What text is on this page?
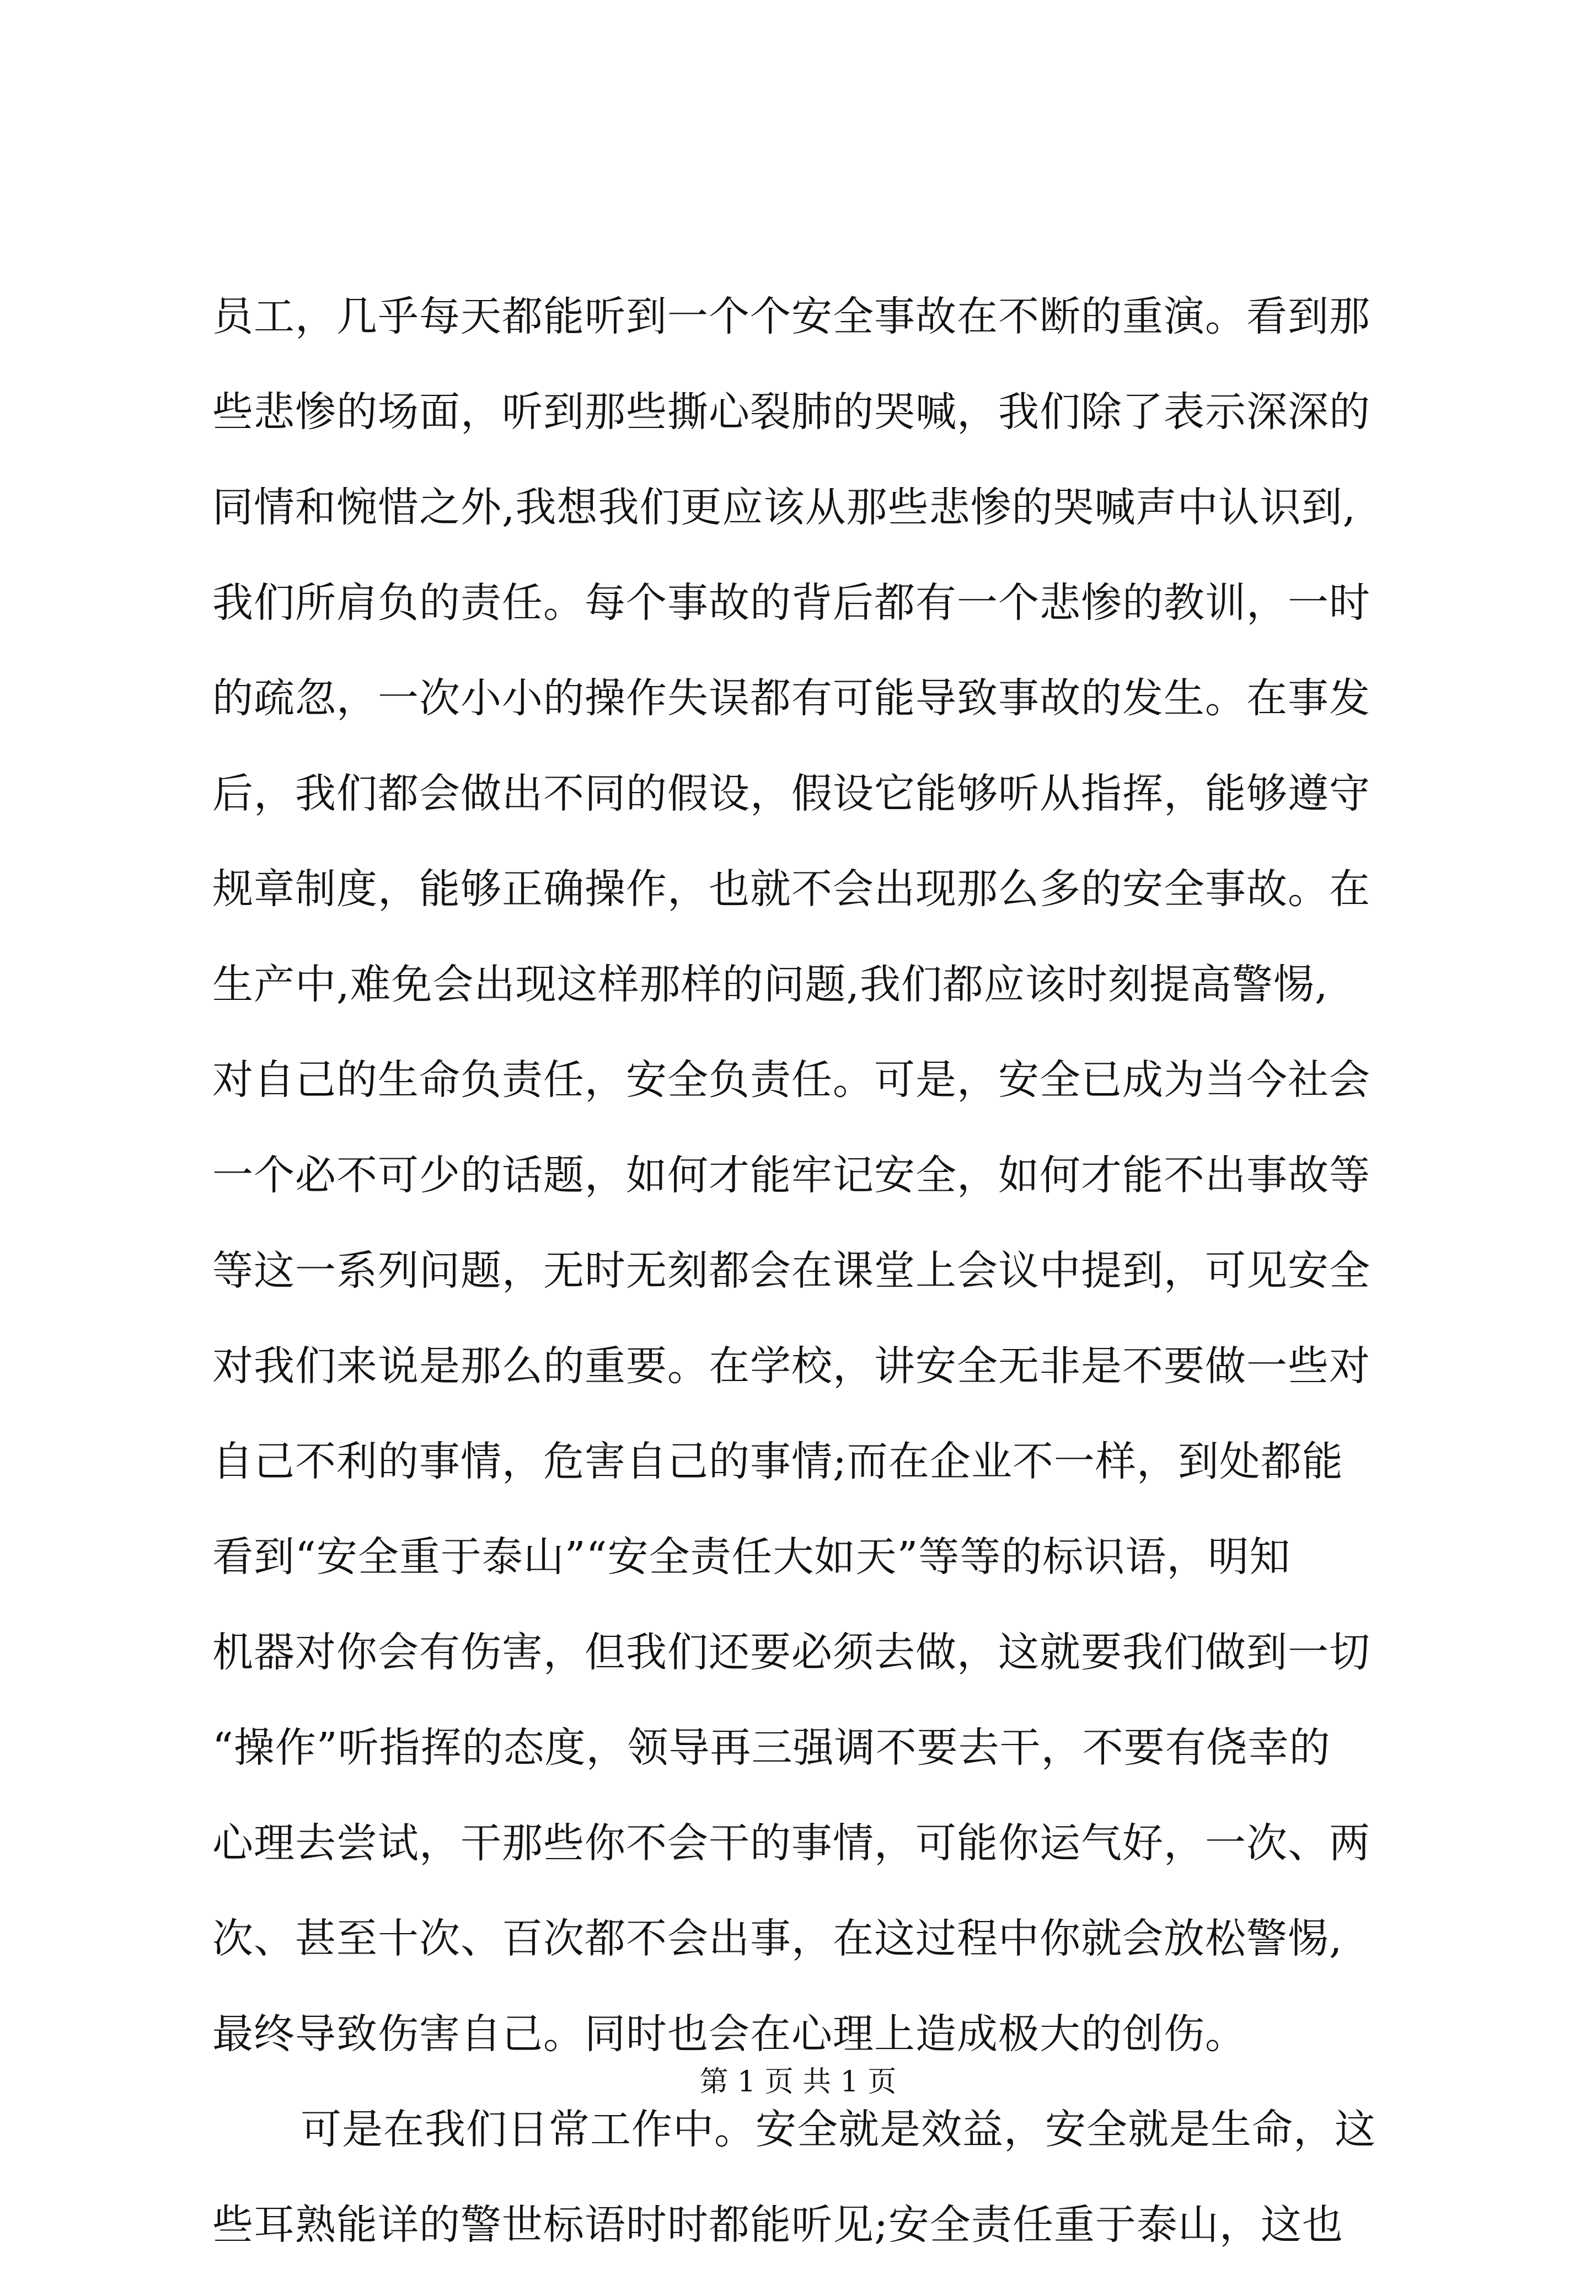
员工，几乎每天都能听到一个个安全事故在不断的重演。看到那
些悲惨的场面，听到那些撕心裂肺的哭喊，我们除了表示深深的
同情和惋惜之外,我想我们更应该从那些悲惨的哭喊声中认识到,
我们所肩负的责任。每个事故的背后都有一个悲惨的教训，一时
的疏忽，一次小小的操作失误都有可能导致事故的发生。在事发
后，我们都会做出不同的假设，假设它能够听从指挥，能够遵守
规章制度，能够正确操作，也就不会出现那么多的安全事故。在
生产中,难免会出现这样那样的问题,我们都应该时刻提高警惕,
对自己的生命负责任，安全负责任。可是，安全已成为当今社会
一个必不可少的话题，如何才能牢记安全，如何才能不出事故等
等这一系列问题，无时无刻都会在课堂上会议中提到，可见安全
对我们来说是那么的重要。在学校，讲安全无非是不要做一些对
自己不利的事情，危害自己的事情;而在企业不一样，到处都能
看到“安全重于泰山”“安全责任大如天”等等的标识语，明知
机器对你会有伤害，但我们还要必须去做，这就要我们做到一切
“操作”听指挥的态度，领导再三强调不要去干，不要有侥幸的
心理去尝试，干那些你不会干的事情，可能你运气好，一次、两
次、甚至十次、百次都不会出事，在这过程中你就会放松警惕,
最终导致伤害自己。同时也会在心理上造成极大的创伤。
可是在我们日常工作中。安全就是效益，安全就是生命，这
些耳熟能详的警世标语时时都能听见;安全责任重于泰山，这也
第 1 页 共 1 页
